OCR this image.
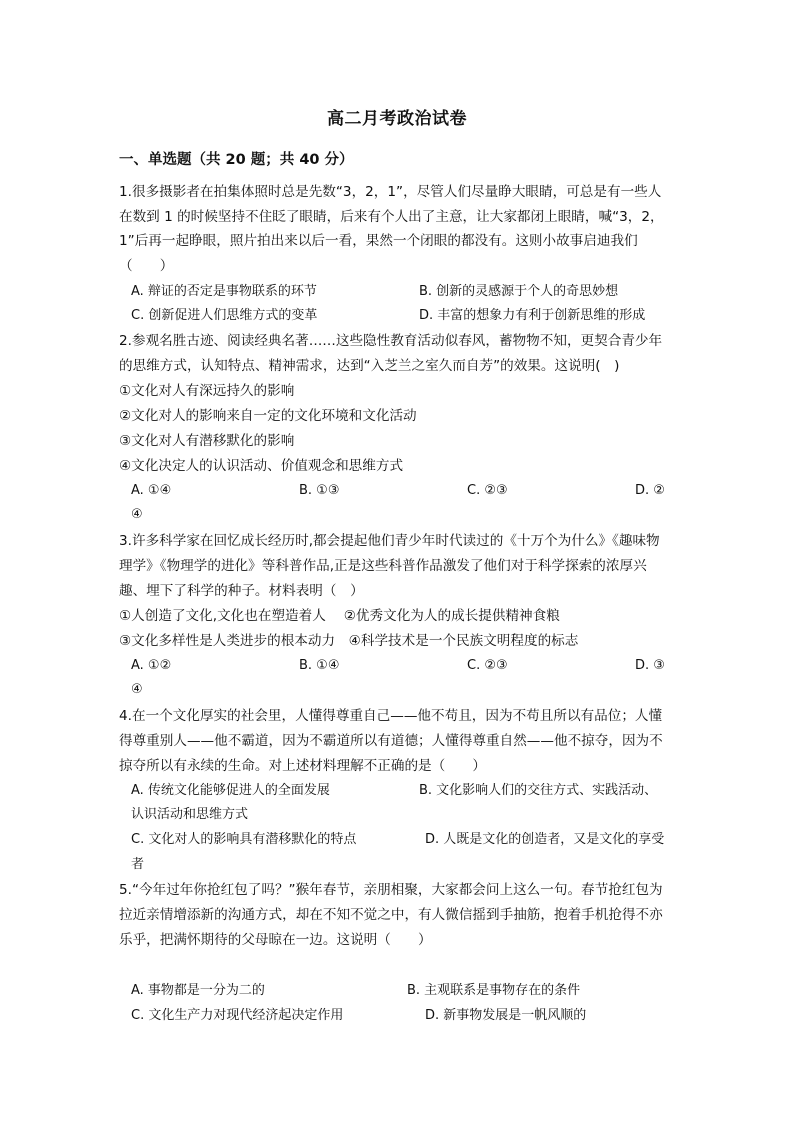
高二月考政治试卷
一、单选题（共 20 题；共 40 分）
1.很多摄影者在拍集体照时总是先数“3，2，1”，尽管人们尽量睁大眼睛，可总是有一些人
在数到 1 的时候坚持不住眨了眼睛，后来有个人出了主意，让大家都闭上眼睛，喊“3，2，
1”后再一起睁眼，照片拍出来以后一看，果然一个闭眼的都没有。这则小故事启迪我们
（　　）
A. 辩证的否定是事物联系的环节	B. 创新的灵感源于个人的奇思妙想
C. 创新促进人们思维方式的变革	D. 丰富的想象力有利于创新思维的形成
2.参观名胜古迹、阅读经典名著……这些隐性教育活动似春风，蓄物物不知，更契合青少年
的思维方式，认知特点、精神需求，达到“入芝兰之室久而自芳”的效果。这说明(　)
①文化对人有深远持久的影响
②文化对人的影响来自一定的文化环境和文化活动
③文化对人有潜移默化的影响
④文化决定人的认识活动、价值观念和思维方式
A. ①④	B. ①③	C. ②③	D. ②
④
3.许多科学家在回忆成长经历时,都会提起他们青少年时代读过的《十万个为什么》《趣味物
理学》《物理学的进化》等科普作品,正是这些科普作品激发了他们对于科学探索的浓厚兴
趣、埋下了科学的种子。材料表明（　）
①人创造了文化,文化也在塑造着人　 ②优秀文化为人的成长提供精神食粮
③文化多样性是人类进步的根本动力　④科学技术是一个民族文明程度的标志
A. ①②	B. ①④	C. ②③	D. ③
④
4.在一个文化厚实的社会里，人懂得尊重自己——他不苟且，因为不苟且所以有品位；人懂
得尊重别人——他不霸道，因为不霸道所以有道德；人懂得尊重自然——他不掠夺，因为不
掠夺所以有永续的生命。对上述材料理解不正确的是（　　）
A. 传统文化能够促进人的全面发展	B. 文化影响人们的交往方式、实践活动、
认识活动和思维方式
C. 文化对人的影响具有潜移默化的特点	D. 人既是文化的创造者，又是文化的享受
者
5.“今年过年你抢红包了吗？”猴年春节，亲朋相聚，大家都会问上这么一句。春节抢红包为
拉近亲情增添新的沟通方式，却在不知不觉之中，有人微信摇到手抽筋，抱着手机抢得不亦
乐乎，把满怀期待的父母晾在一边。这说明（　　）
A. 事物都是一分为二的	B. 主观联系是事物存在的条件
C. 文化生产力对现代经济起决定作用	D. 新事物发展是一帆风顺的
